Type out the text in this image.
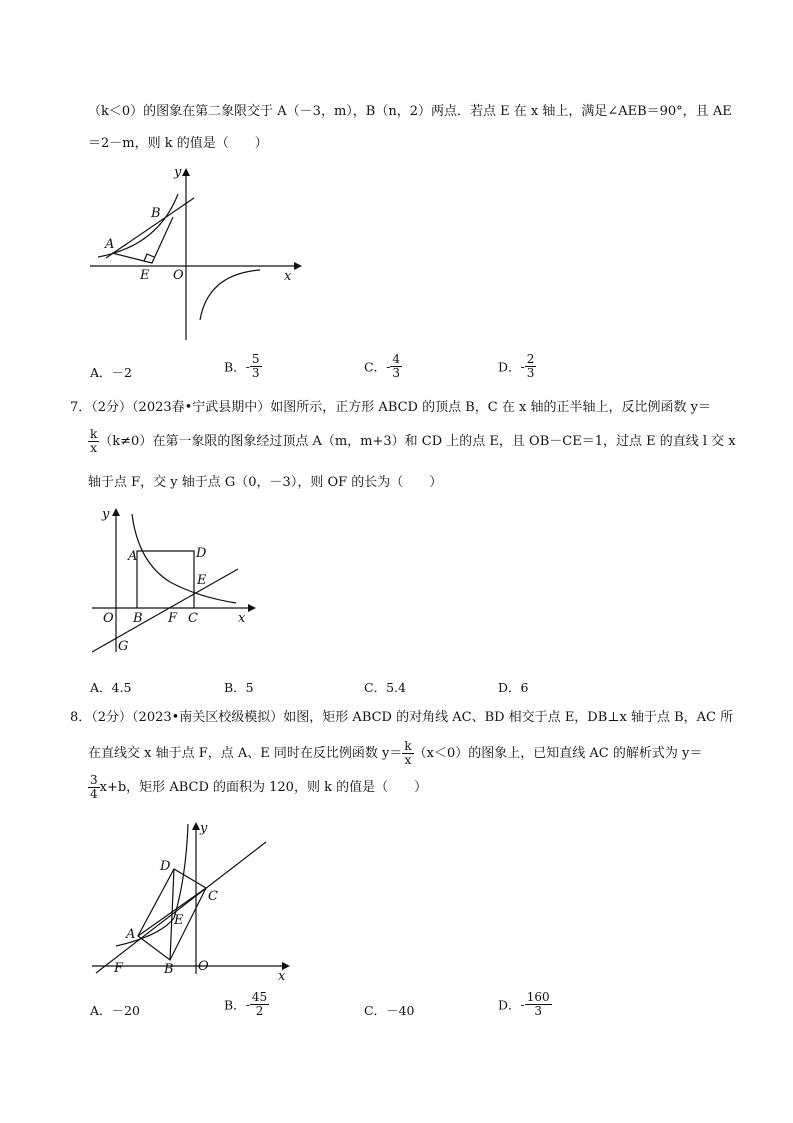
（k＜0）的图象在第二象限交于 A（－3，m），B（n，2）两点．若点 E 在 x 轴上，满足∠AEB＝90°，且 AE
＝2－m，则 k 的值是（　　）
y
x
A
B
E O
A．－2	B．- $\frac{5}{3}$	C．- $\frac{4}{3}$	D．- $\frac{2}{3}$
7．（2分）（2023春•宁武县期中）如图所示，正方形 ABCD 的顶点 B，C 在 x 轴的正半轴上，反比例函数 y＝
$\frac{k}{x} (k\ne 0)$在第一象限的图象经过顶点 A（m，m+3）和 CD 上的点 E，且 OB－CE＝1，过点 E 的直线 l 交 x
轴于点 F，交 y 轴于点 G（0，－3），则 OF 的长为（　　）
y
x
A	D
E
B F C
O
G
A．4.5	B．5	C．5.4	D．6
8．（2分）（2023•南关区校级模拟）如图，矩形 ABCD 的对角线 AC、BD 相交于点 E，DB⊥x 轴于点 B，AC 所
在直线交 x 轴于点 F，点 A、E 同时在反比例函数 $y= \frac{k}{x} (x<0)$的图象上，已知直线 AC 的解析式为 y＝
$\frac{3}{4} x+b$，矩形 ABCD 的面积为 120，则 k 的值是（　　）
y
x
D
C
E
A
F	B O
A．－20	B．- $\frac{45}{2}$	C．－40	D．- $\frac{160}{3}$
